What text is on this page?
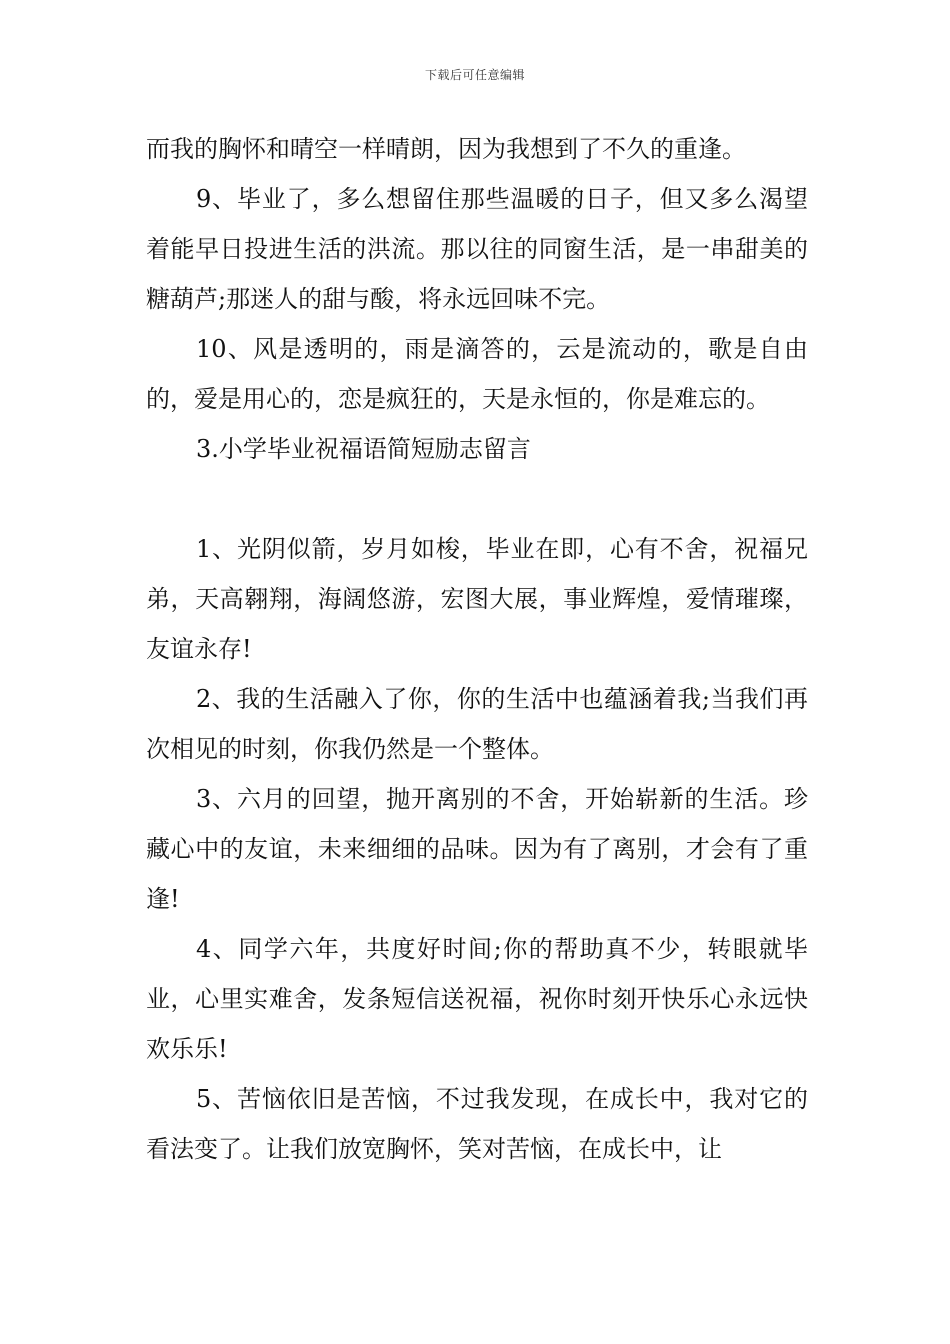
下载后可任意编辑

而我的胸怀和晴空一样晴朗，因为我想到了不久的重逢。

9、毕业了，多么想留住那些温暖的日子，但又多么渴望着能早日投进生活的洪流。那以往的同窗生活，是一串甜美的糖葫芦;那迷人的甜与酸，将永远回味不完。

10、风是透明的，雨是滴答的，云是流动的，歌是自由的，爱是用心的，恋是疯狂的，天是永恒的，你是难忘的。

3.小学毕业祝福语简短励志留言

1、光阴似箭，岁月如梭，毕业在即，心有不舍，祝福兄弟，天高翱翔，海阔悠游，宏图大展，事业辉煌，爱情璀璨，友谊永存!

2、我的生活融入了你，你的生活中也蕴涵着我;当我们再次相见的时刻，你我仍然是一个整体。

3、六月的回望，抛开离别的不舍，开始崭新的生活。珍藏心中的友谊，未来细细的品味。因为有了离别，才会有了重逢!

4、同学六年，共度好时间;你的帮助真不少，转眼就毕业，心里实难舍，发条短信送祝福，祝你时刻开快乐心永远快欢乐乐!

5、苦恼依旧是苦恼，不过我发现，在成长中，我对它的看法变了。让我们放宽胸怀，笑对苦恼，在成长中，让
